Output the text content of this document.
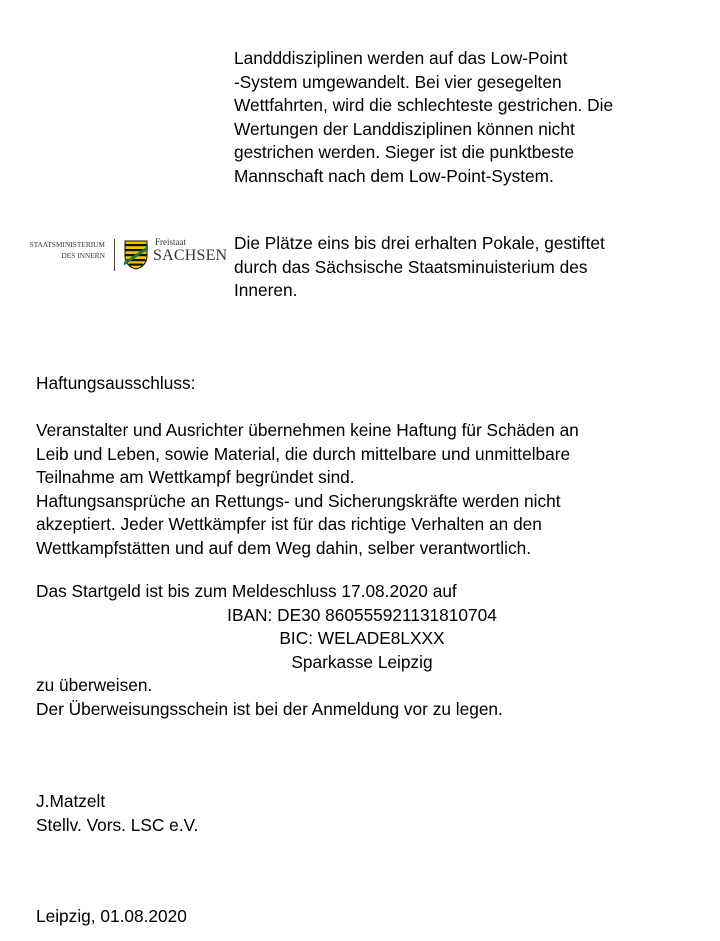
Landddisziplinen werden auf das Low-Point

-System umgewandelt. Bei vier gesegelten

Wettfahrten, wird die schlechteste gestrichen. Die

Wertungen der Landdisziplinen können nicht

gestrichen werden. Sieger ist die punktbeste

Mannschaft nach dem Low-Point-System.

STAATSMINISTERIUM
DES INNERN
Freistaat
SACHSEN

Die Plätze eins bis drei erhalten Pokale, gestiftet

durch das Sächsische Staatsminuisterium des

Inneren.

Haftungsausschluss:

Veranstalter und Ausrichter übernehmen keine Haftung für Schäden an

Leib und Leben, sowie Material, die durch mittelbare und unmittelbare

Teilnahme am Wettkampf begründet sind.

Haftungsansprüche an Rettungs- und Sicherungskräfte werden nicht

akzeptiert. Jeder Wettkämpfer ist für das richtige Verhalten an den

Wettkampfstätten und auf dem Weg dahin, selber verantwortlich.

Das Startgeld ist bis zum Meldeschluss 17.08.2020 auf

IBAN: DE30 860555921131810704

BIC: WELADE8LXXX

Sparkasse Leipzig

zu überweisen.

Der Überweisungsschein ist bei der Anmeldung vor zu legen.

J.Matzelt

Stellv. Vors. LSC e.V.

Leipzig, 01.08.2020
